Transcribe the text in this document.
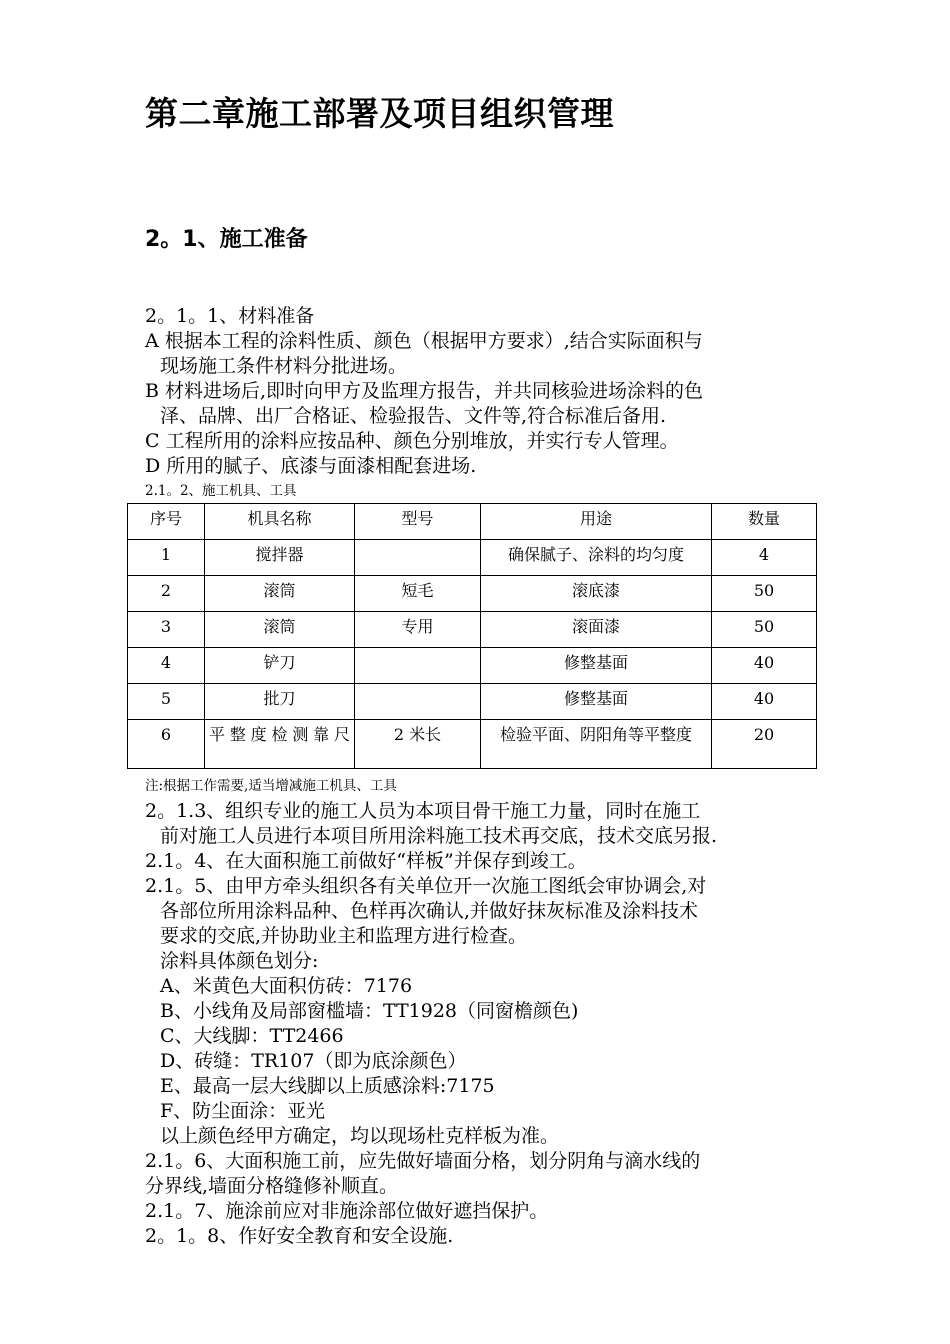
第二章施工部署及项目组织管理
2。1、施工准备

2。1。1、材料准备

A 根据本工程的涂料性质、颜色（根据甲方要求）,结合实际面积与

现场施工条件材料分批进场。

B 材料进场后,即时向甲方及监理方报告，并共同核验进场涂料的色

泽、品牌、出厂合格证、检验报告、文件等,符合标准后备用.

C 工程所用的涂料应按品种、颜色分别堆放，并实行专人管理。

D 所用的腻子、底漆与面漆相配套进场.

2.1。2、施工机具、工具
序号	机具名称	型号	用途	数量
1	搅拌器		确保腻子、涂料的均匀度	4
2	滚筒	短毛	滚底漆	50
3	滚筒	专用	滚面漆	50
4	铲刀		修整基面	40
5	批刀		修整基面	40
6	平整度检测靠尺	2 米长	检验平面、阴阳角等平整度	20
注:根据工作需要,适当增减施工机具、工具

2。1.3、组织专业的施工人员为本项目骨干施工力量，同时在施工

前对施工人员进行本项目所用涂料施工技术再交底，技术交底另报.

2.1。4、在大面积施工前做好“样板”并保存到竣工。

2.1。5、由甲方牵头组织各有关单位开一次施工图纸会审协调会,对

各部位所用涂料品种、色样再次确认,并做好抹灰标准及涂料技术

要求的交底,并协助业主和监理方进行检查。

涂料具体颜色划分:

A、米黄色大面积仿砖：7176

B、小线角及局部窗槛墙：TT1928（同窗檐颜色)

C、大线脚：TT2466

D、砖缝：TR107（即为底涂颜色）

E、最高一层大线脚以上质感涂料:7175

F、防尘面涂：亚光

以上颜色经甲方确定，均以现场杜克样板为准。

2.1。6、大面积施工前，应先做好墙面分格，划分阴角与滴水线的

分界线,墙面分格缝修补顺直。

2.1。7、施涂前应对非施涂部位做好遮挡保护。

2。1。8、作好安全教育和安全设施.
